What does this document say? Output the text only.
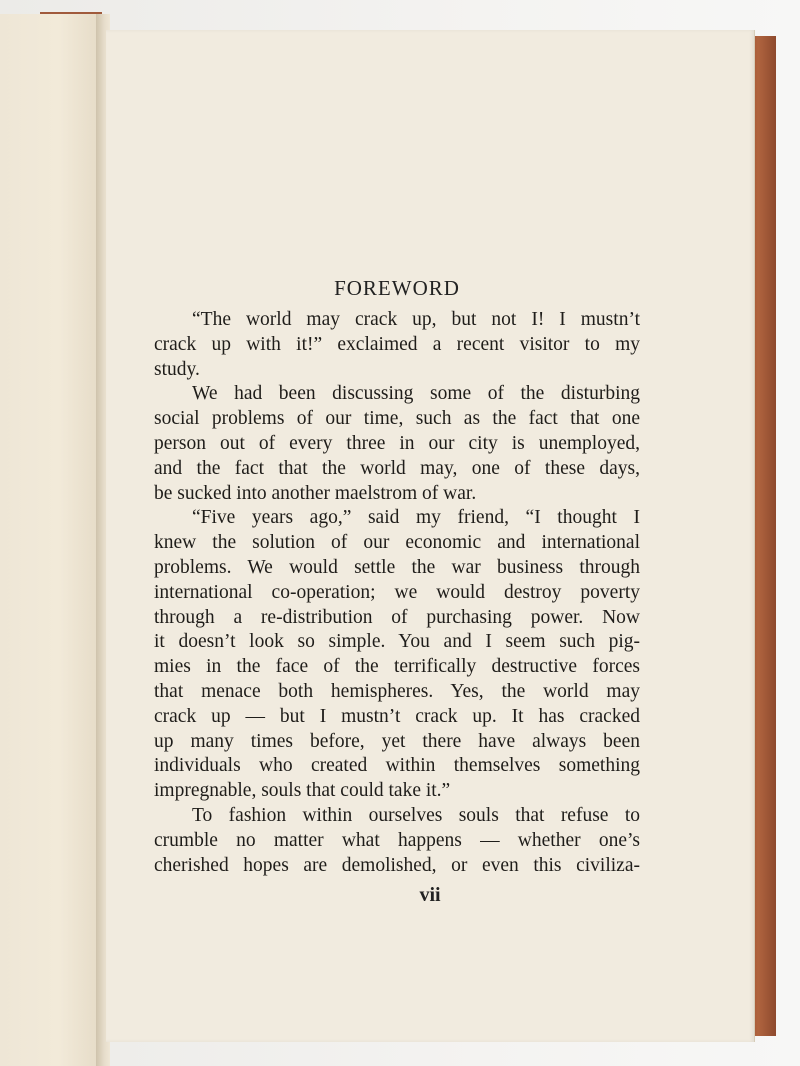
FOREWORD
“The world may crack up, but not I! I mustn’t
crack up with it!” exclaimed a recent visitor to my
study.
We had been discussing some of the disturbing
social problems of our time, such as the fact that one
person out of every three in our city is unemployed,
and the fact that the world may, one of these days,
be sucked into another maelstrom of war.
“Five years ago,” said my friend, “I thought I
knew the solution of our economic and international
problems. We would settle the war business through
international co-operation; we would destroy poverty
through a re-distribution of purchasing power. Now
it doesn’t look so simple. You and I seem such pig-
mies in the face of the terrifically destructive forces
that menace both hemispheres. Yes, the world may
crack up — but I mustn’t crack up. It has cracked
up many times before, yet there have always been
individuals who created within themselves something
impregnable, souls that could take it.”
To fashion within ourselves souls that refuse to
crumble no matter what happens — whether one’s
cherished hopes are demolished, or even this civiliza-
vii
